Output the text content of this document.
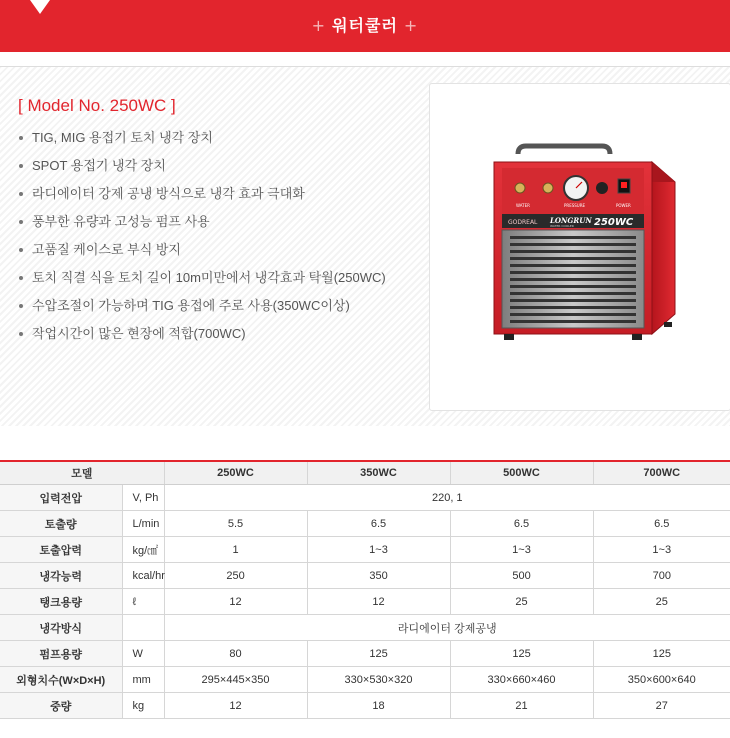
+ 워터쿨러 +
[ Model No. 250WC ]
TIG, MIG 용접기 토치 냉각 장치
SPOT 용접기 냉각 장치
라디에이터 강제 공냉 방식으로 냉각 효과 극대화
풍부한 유량과 고성능 펌프 사용
고품질 케이스로 부식 방지
토치 직결 식을 토치 길이 10m미만에서 냉각효과 탁월(250WC)
수압조절이 가능하며 TIG 용접에 주로 사용(350WC이상)
작업시간이 많은 현장에 적합(700WC)
WATER	PRESSURE	POWER
GODREAL LONGRUN
WATER COOLER 250WC
모델		250WC	350WC	500WC	700WC
입력전압	V, Ph	220, 1			
토출량	L/min	5.5	6.5	6.5	6.5
토출압력	kg/㎠	1	1~3	1~3	1~3
냉각능력	kcal/hr	250	350	500	700
탱크용량	ℓ	12	12	25	25
냉각방식		라디에이터 강제공냉			
펌프용량	W	80	125	125	125
외형치수(W×D×H)	mm	295×445×350	330×530×320	330×660×460	350×600×640
중량	kg	12	18	21	27
